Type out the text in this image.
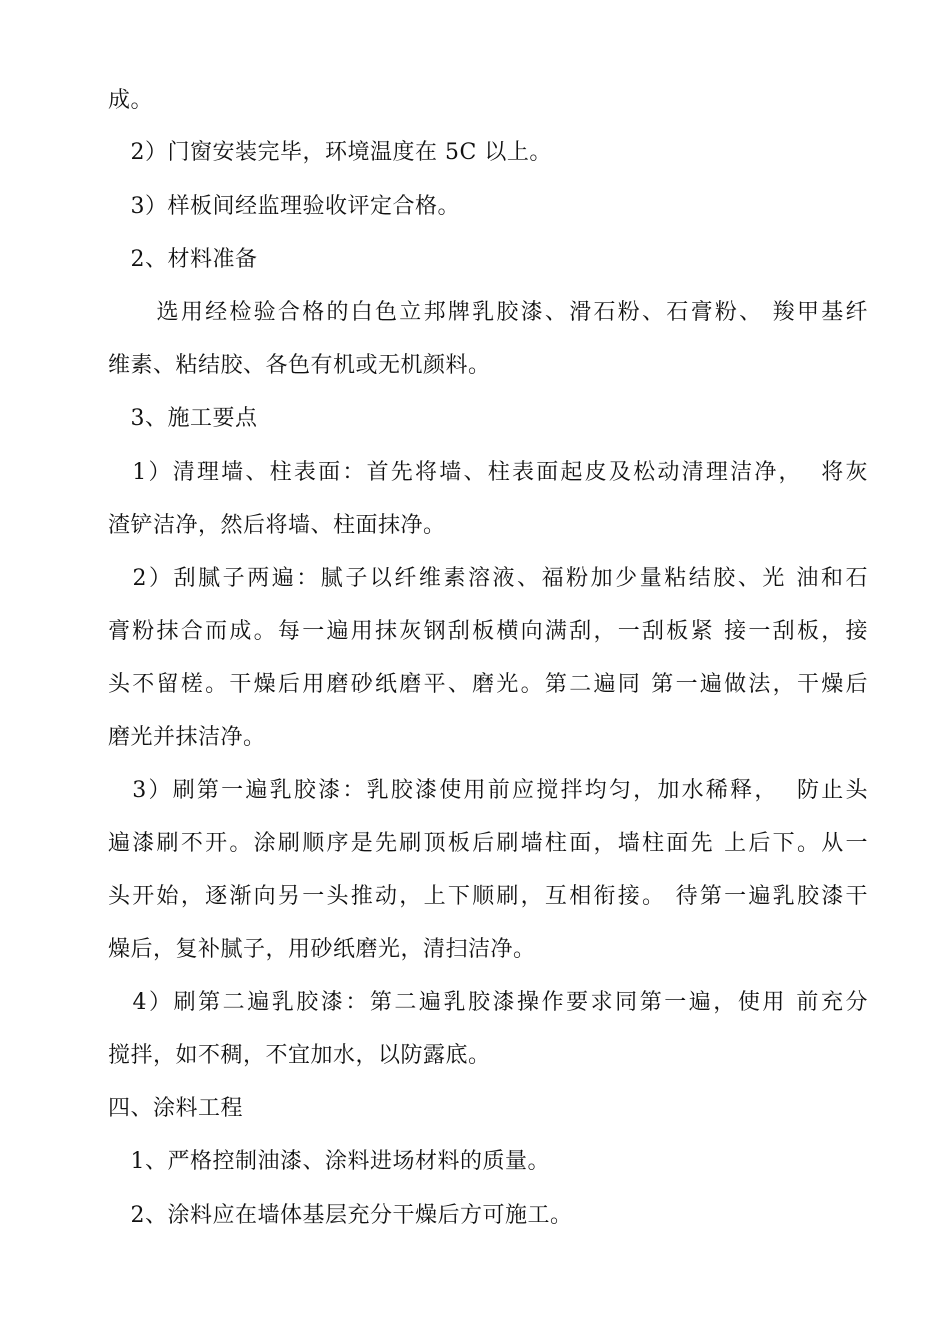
成。
　2）门窗安装完毕，环境温度在 5C 以上。
　3）样板间经监理验收评定合格。
　2、材料准备
　　选用经检验合格的白色立邦牌乳胶漆、滑石粉、石膏粉、 羧甲基纤
维素、粘结胶、各色有机或无机颜料。
　3、施工要点
　1）清理墙、柱表面：首先将墙、柱表面起皮及松动清理洁净，  将灰
渣铲洁净，然后将墙、柱面抹净。
　2）刮腻子两遍：腻子以纤维素溶液、福粉加少量粘结胶、光 油和石
膏粉抹合而成。每一遍用抹灰钢刮板横向满刮，一刮板紧 接一刮板，接
头不留槎。干燥后用磨砂纸磨平、磨光。第二遍同 第一遍做法，干燥后
磨光并抹洁净。
　3）刷第一遍乳胶漆：乳胶漆使用前应搅拌均匀，加水稀释，  防止头
遍漆刷不开。涂刷顺序是先刷顶板后刷墙柱面，墙柱面先 上后下。从一
头开始，逐渐向另一头推动，上下顺刷，互相衔接。 待第一遍乳胶漆干
燥后，复补腻子，用砂纸磨光，清扫洁净。
　4）刷第二遍乳胶漆：第二遍乳胶漆操作要求同第一遍，使用 前充分
搅拌，如不稠，不宜加水，以防露底。
四、涂料工程
　1、严格控制油漆、涂料进场材料的质量。
　2、涂料应在墙体基层充分干燥后方可施工。
